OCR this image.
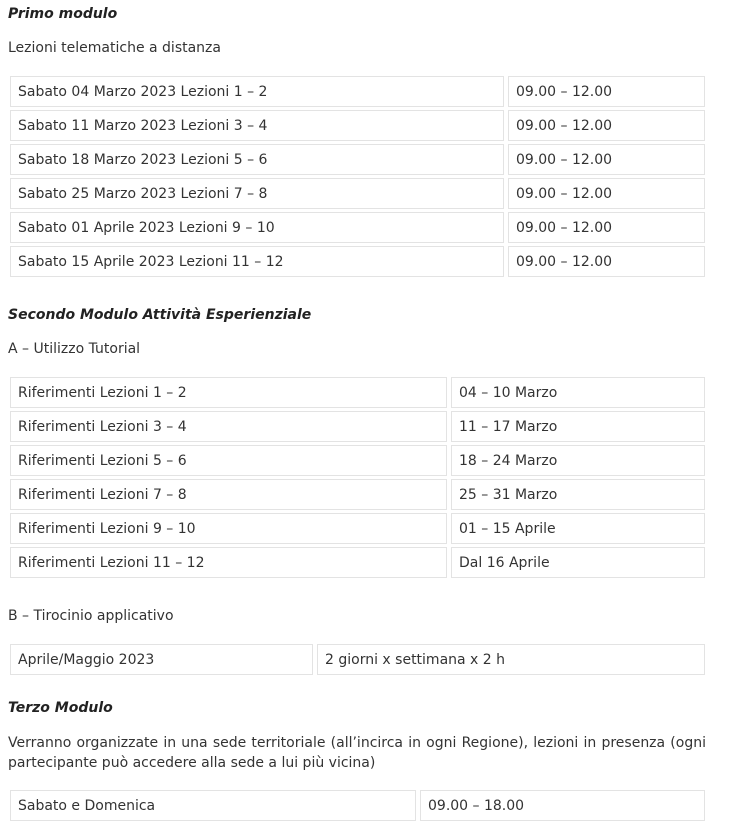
Primo modulo

Lezioni telematiche a distanza

Sabato 04 Marzo 2023 Lezioni 1 – 2	09.00 – 12.00
Sabato 11 Marzo 2023 Lezioni 3 – 4	09.00 – 12.00
Sabato 18 Marzo 2023 Lezioni 5 – 6	09.00 – 12.00
Sabato 25 Marzo 2023 Lezioni 7 – 8	09.00 – 12.00
Sabato 01 Aprile 2023 Lezioni 9 – 10	09.00 – 12.00
Sabato 15 Aprile 2023 Lezioni 11 – 12	09.00 – 12.00

Secondo Modulo Attività Esperienziale

A – Utilizzo Tutorial

Riferimenti Lezioni 1 – 2	04 – 10 Marzo
Riferimenti Lezioni 3 – 4	11 – 17 Marzo
Riferimenti Lezioni 5 – 6	18 – 24 Marzo
Riferimenti Lezioni 7 – 8	25 – 31 Marzo
Riferimenti Lezioni 9 – 10	01 – 15 Aprile
Riferimenti Lezioni 11 – 12	Dal 16 Aprile

B – Tirocinio applicativo

Aprile/Maggio 2023	2 giorni x settimana x 2 h

Terzo Modulo

Verranno organizzate in una sede territoriale (all’incirca in ogni Regione), lezioni in presenza (ogni partecipante può accedere alla sede a lui più vicina)

Sabato e Domenica	09.00 – 18.00
